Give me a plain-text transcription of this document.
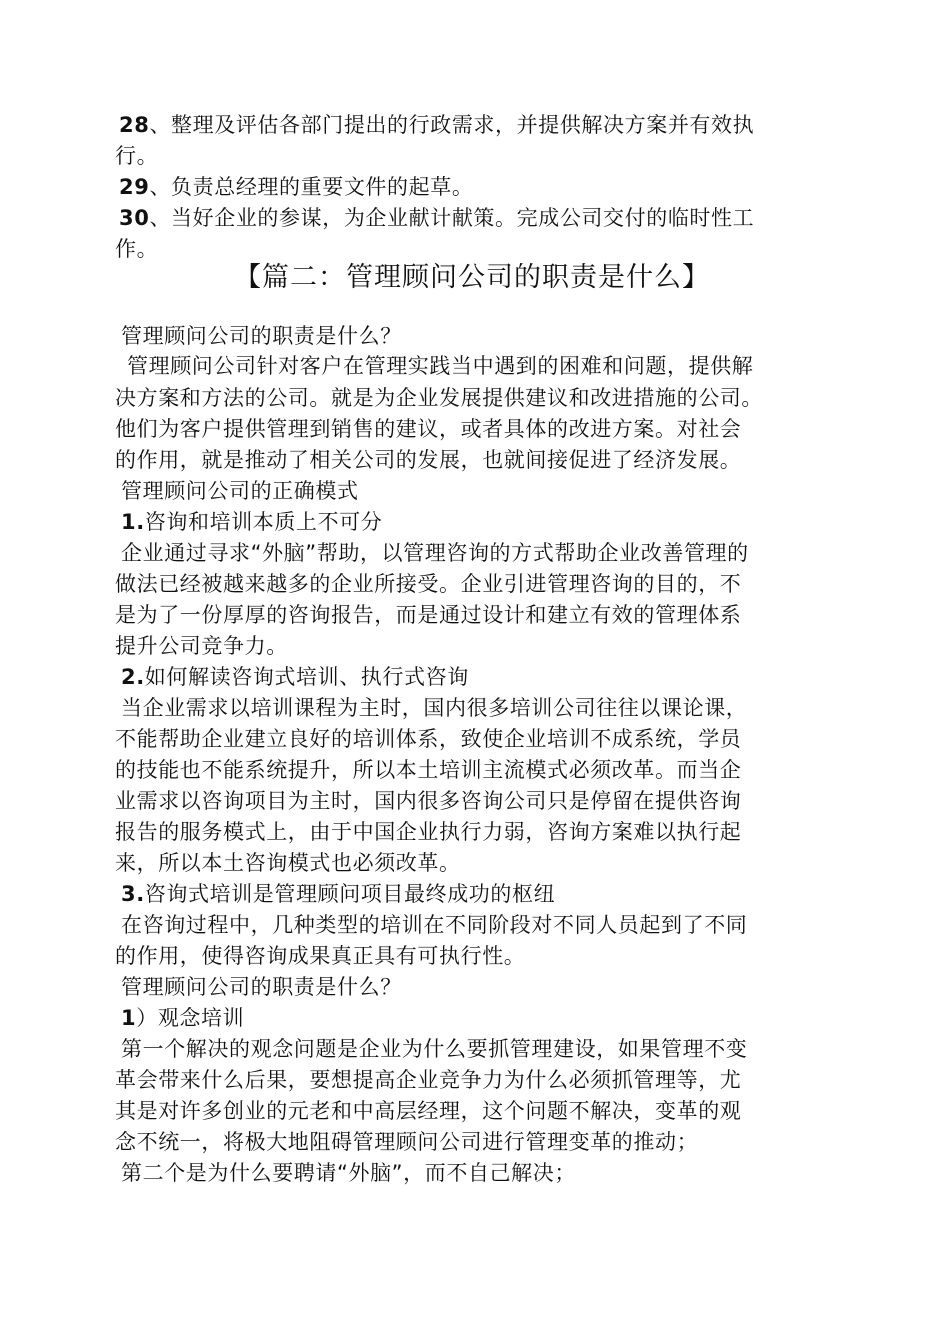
28、整理及评估各部门提出的行政需求，并提供解决方案并有效执
行。
29、负责总经理的重要文件的起草。
30、当好企业的参谋，为企业献计献策。完成公司交付的临时性工
作。
【篇二：管理顾问公司的职责是什么】
管理顾问公司的职责是什么？
管理顾问公司针对客户在管理实践当中遇到的困难和问题，提供解
决方案和方法的公司。就是为企业发展提供建议和改进措施的公司。
他们为客户提供管理到销售的建议，或者具体的改进方案。对社会
的作用，就是推动了相关公司的发展，也就间接促进了经济发展。
管理顾问公司的正确模式
1.咨询和培训本质上不可分
企业通过寻求“外脑”帮助，以管理咨询的方式帮助企业改善管理的
做法已经被越来越多的企业所接受。企业引进管理咨询的目的，不
是为了一份厚厚的咨询报告，而是通过设计和建立有效的管理体系
提升公司竞争力。
2.如何解读咨询式培训、执行式咨询
当企业需求以培训课程为主时，国内很多培训公司往往以课论课，
不能帮助企业建立良好的培训体系，致使企业培训不成系统，学员
的技能也不能系统提升，所以本土培训主流模式必须改革。而当企
业需求以咨询项目为主时，国内很多咨询公司只是停留在提供咨询
报告的服务模式上，由于中国企业执行力弱，咨询方案难以执行起
来，所以本土咨询模式也必须改革。
3.咨询式培训是管理顾问项目最终成功的枢纽
在咨询过程中，几种类型的培训在不同阶段对不同人员起到了不同
的作用，使得咨询成果真正具有可执行性。
管理顾问公司的职责是什么？
1）观念培训
第一个解决的观念问题是企业为什么要抓管理建设，如果管理不变
革会带来什么后果，要想提高企业竞争力为什么必须抓管理等，尤
其是对许多创业的元老和中高层经理，这个问题不解决，变革的观
念不统一，将极大地阻碍管理顾问公司进行管理变革的推动；
第二个是为什么要聘请“外脑”，而不自己解决；
